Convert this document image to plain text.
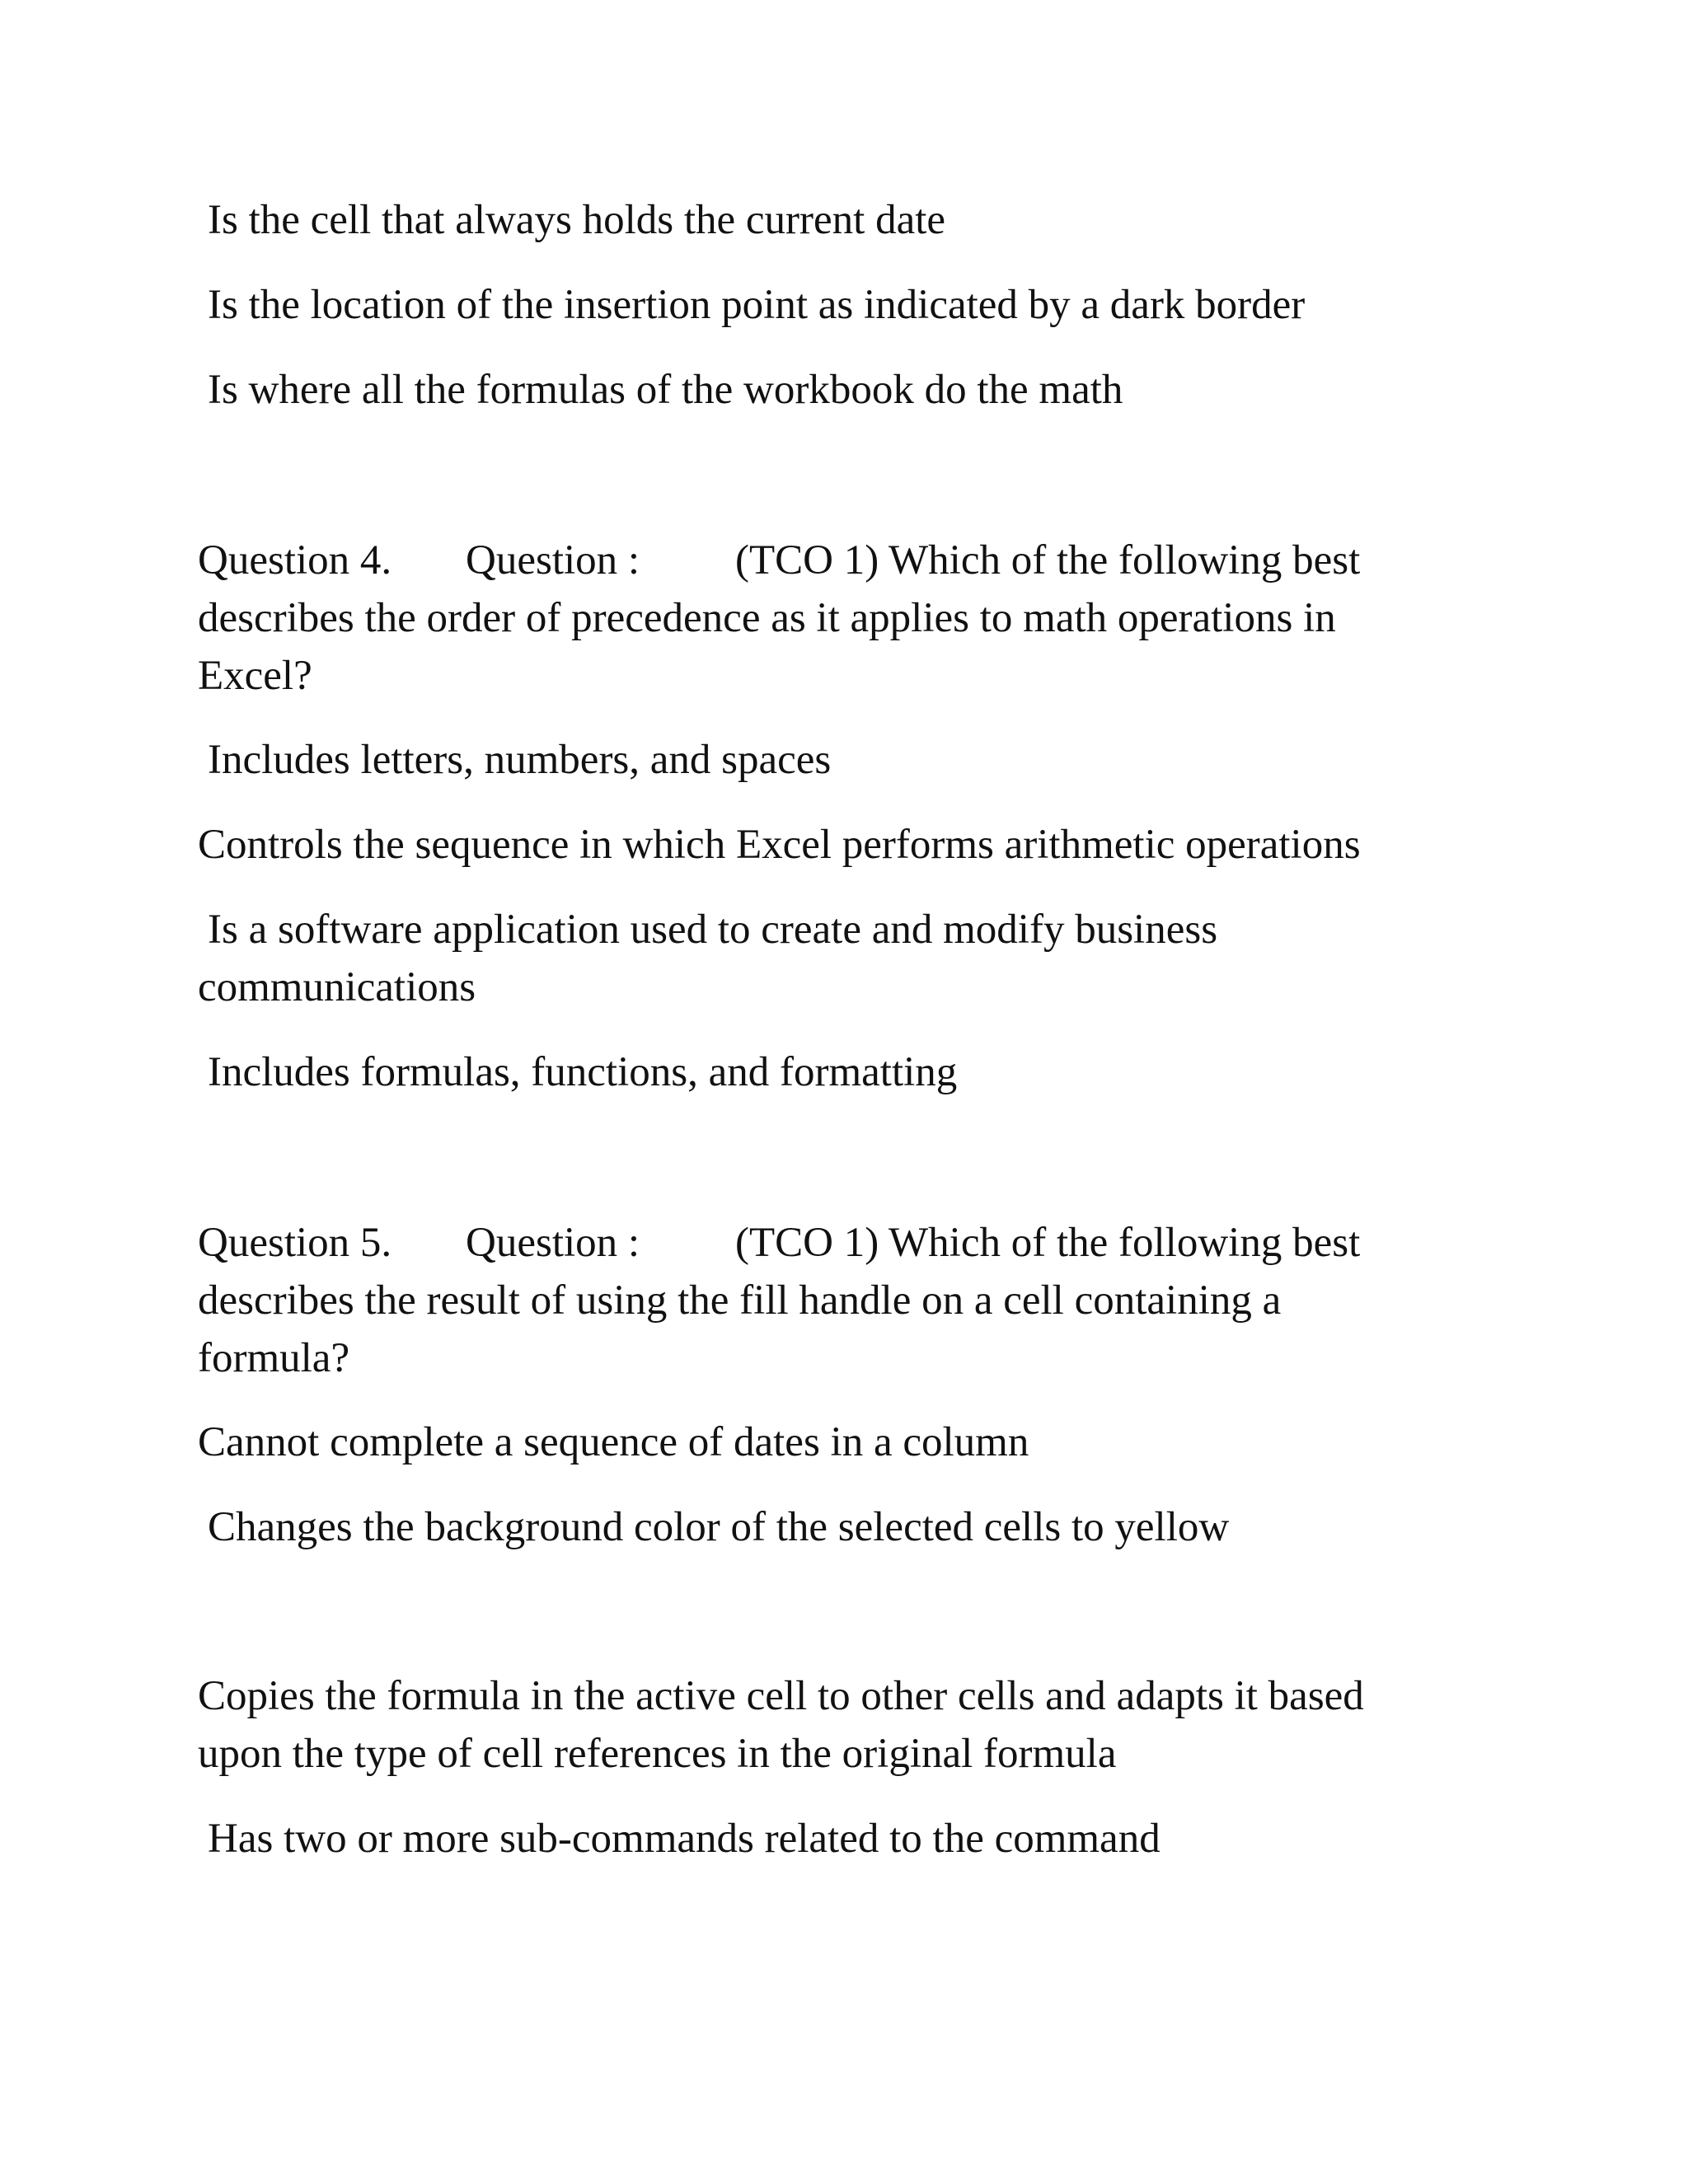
Is the cell that always holds the current date

Is the location of the insertion point as indicated by a dark border

Is where all the formulas of the workbook do the math

Question 4. Question : (TCO 1) Which of the following best

describes the order of precedence as it applies to math operations in

Excel?

Includes letters, numbers, and spaces

Controls the sequence in which Excel performs arithmetic operations

Is a software application used to create and modify business

communications

Includes formulas, functions, and formatting

Question 5. Question : (TCO 1) Which of the following best

describes the result of using the fill handle on a cell containing a

formula?

Cannot complete a sequence of dates in a column

Changes the background color of the selected cells to yellow

Copies the formula in the active cell to other cells and adapts it based

upon the type of cell references in the original formula

Has two or more sub-commands related to the command
